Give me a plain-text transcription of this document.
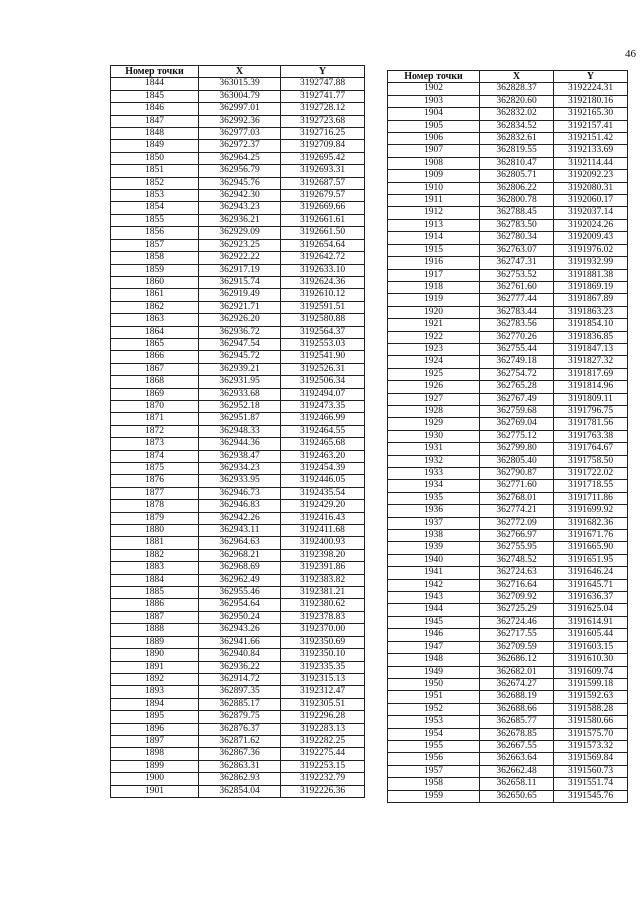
46
Номер точки	X	Y
1844	363015.39	3192747.88
1845	363004.79	3192741.77
1846	362997.01	3192728.12
1847	362992.36	3192723.68
1848	362977.03	3192716.25
1849	362972.37	3192709.84
1850	362964.25	3192695.42
1851	362956.79	3192693.31
1852	362945.76	3192687.57
1853	362942.30	3192679.57
1854	362943.23	3192669.66
1855	362936.21	3192661.61
1856	362929.09	3192661.50
1857	362923.25	3192654.64
1858	362922.22	3192642.72
1859	362917.19	3192633.10
1860	362915.74	3192624.36
1861	362919.49	3192610.12
1862	362921.71	3192591.51
1863	362926.20	3192580.88
1864	362936.72	3192564.37
1865	362947.54	3192553.03
1866	362945.72	3192541.90
1867	362939.21	3192526.31
1868	362931.95	3192506.34
1869	362933.68	3192494.07
1870	362952.18	3192473.35
1871	362951.87	3192466.99
1872	362948.33	3192464.55
1873	362944.36	3192465.68
1874	362938.47	3192463.20
1875	362934.23	3192454.39
1876	362933.95	3192446.05
1877	362946.73	3192435.54
1878	362946.83	3192429.20
1879	362942.26	3192416.43
1880	362943.11	3192411.68
1881	362964.63	3192400.93
1882	362968.21	3192398.20
1883	362968.69	3192391.86
1884	362962.49	3192383.82
1885	362955.46	3192381.21
1886	362954.64	3192380.62
1887	362950.24	3192378.83
1888	362943.26	3192370.00
1889	362941.66	3192350.69
1890	362940.84	3192350.10
1891	362936.22	3192335.35
1892	362914.72	3192315.13
1893	362897.35	3192312.47
1894	362885.17	3192305.51
1895	362879.75	3192296.28
1896	362876.37	3192283.13
1897	362871.62	3192282.25
1898	362867.36	3192275.44
1899	362863.31	3192253.15
1900	362862.93	3192232.79
1901	362854.04	3192226.36
Номер точки	X	Y
1902	362828.37	3192224.31
1903	362820.60	3192180.16
1904	362832.02	3192165.30
1905	362834.52	3192157.41
1906	362832.61	3192151.42
1907	362819.55	3192133.69
1908	362810.47	3192114.44
1909	362805.71	3192092.23
1910	362806.22	3192080.31
1911	362800.78	3192060.17
1912	362788.45	3192037.14
1913	362783.50	3192024.26
1914	362780.34	3192009.43
1915	362763.07	3191976.02
1916	362747.31	3191932.99
1917	362753.52	3191881.38
1918	362761.60	3191869.19
1919	362777.44	3191867.89
1920	362783.44	3191863.23
1921	362783.56	3191854.10
1922	362770.26	3191836.85
1923	362755.44	3191847.13
1924	362749.18	3191827.32
1925	362754.72	3191817.69
1926	362765.28	3191814.96
1927	362767.49	3191809.11
1928	362759.68	3191796.75
1929	362769.04	3191781.56
1930	362775.12	3191763.38
1931	362799.80	3191764.67
1932	362805.40	3191758.50
1933	362790.87	3191722.02
1934	362771.60	3191718.55
1935	362768.01	3191711.86
1936	362774.21	3191699.92
1937	362772.09	3191682.36
1938	362766.97	3191671.76
1939	362755.95	3191665.90
1940	362748.52	3191651.95
1941	362724.63	3191646.24
1942	362716.64	3191645.71
1943	362709.92	3191636.37
1944	362725.29	3191625.04
1945	362724.46	3191614.91
1946	362717.55	3191605.44
1947	362709.59	3191603.15
1948	362686.12	3191610.30
1949	362682.01	3191609.74
1950	362674.27	3191599.18
1951	362688.19	3191592.63
1952	362688.66	3191588.28
1953	362685.77	3191580.66
1954	362678.85	3191575.70
1955	362667.55	3191573.32
1956	362663.64	3191569.84
1957	362662.48	3191560.73
1958	362658.11	3191551.74
1959	362650.65	3191545.76
